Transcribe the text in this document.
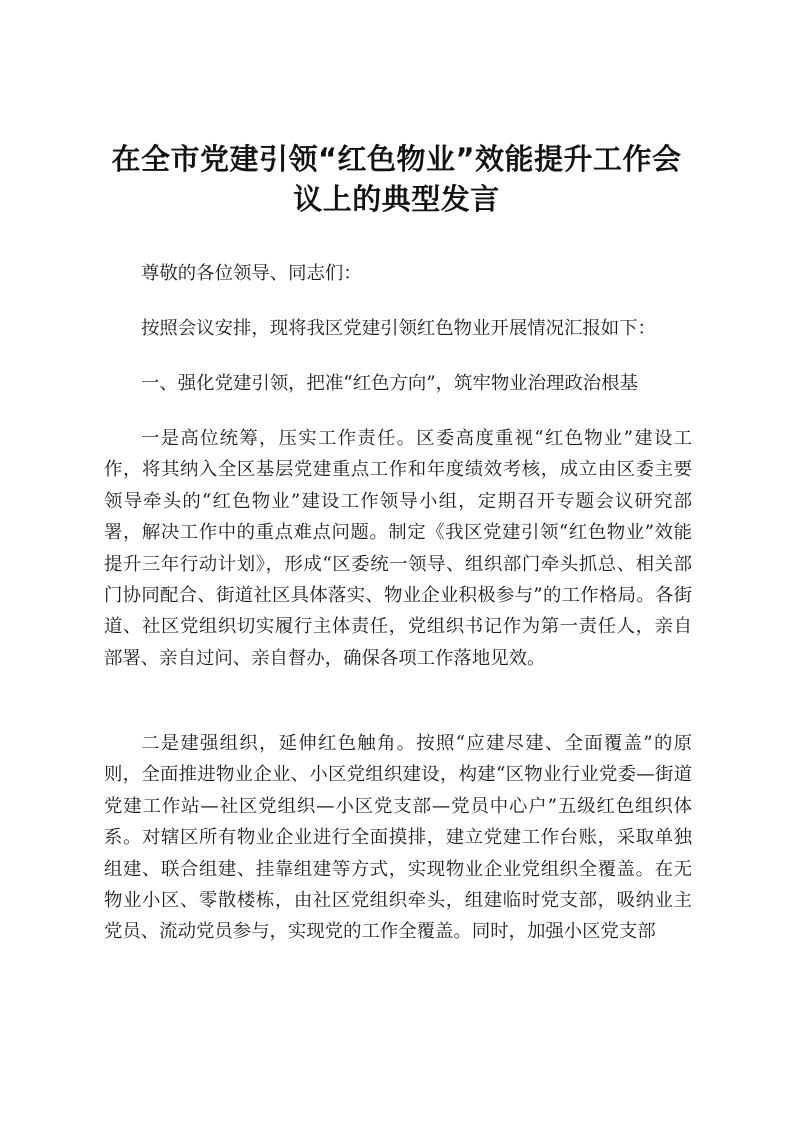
在全市党建引领“红色物业”效能提升工作会
议上的典型发言

尊敬的各位领导、同志们：

按照会议安排，现将我区党建引领红色物业开展情况汇报如下：

一、强化党建引领，把准“红色方向”，筑牢物业治理政治根基

一是高位统筹，压实工作责任。区委高度重视“红色物业”建设工作，将其纳入全区基层党建重点工作和年度绩效考核，成立由区委主要领导牵头的“红色物业”建设工作领导小组，定期召开专题会议研究部署，解决工作中的重点难点问题。制定《我区党建引领“红色物业”效能提升三年行动计划》，形成“区委统一领导、组织部门牵头抓总、相关部门协同配合、街道社区具体落实、物业企业积极参与”的工作格局。各街道、社区党组织切实履行主体责任，党组织书记作为第一责任人，亲自部署、亲自过问、亲自督办，确保各项工作落地见效。

二是建强组织，延伸红色触角。按照“应建尽建、全面覆盖”的原则，全面推进物业企业、小区党组织建设，构建“区物业行业党委—街道党建工作站—社区党组织—小区党支部—党员中心户”五级红色组织体系。对辖区所有物业企业进行全面摸排，建立党建工作台账，采取单独组建、联合组建、挂靠组建等方式，实现物业企业党组织全覆盖。在无物业小区、零散楼栋，由社区党组织牵头，组建临时党支部，吸纳业主党员、流动党员参与，实现党的工作全覆盖。同时，加强小区党支部
